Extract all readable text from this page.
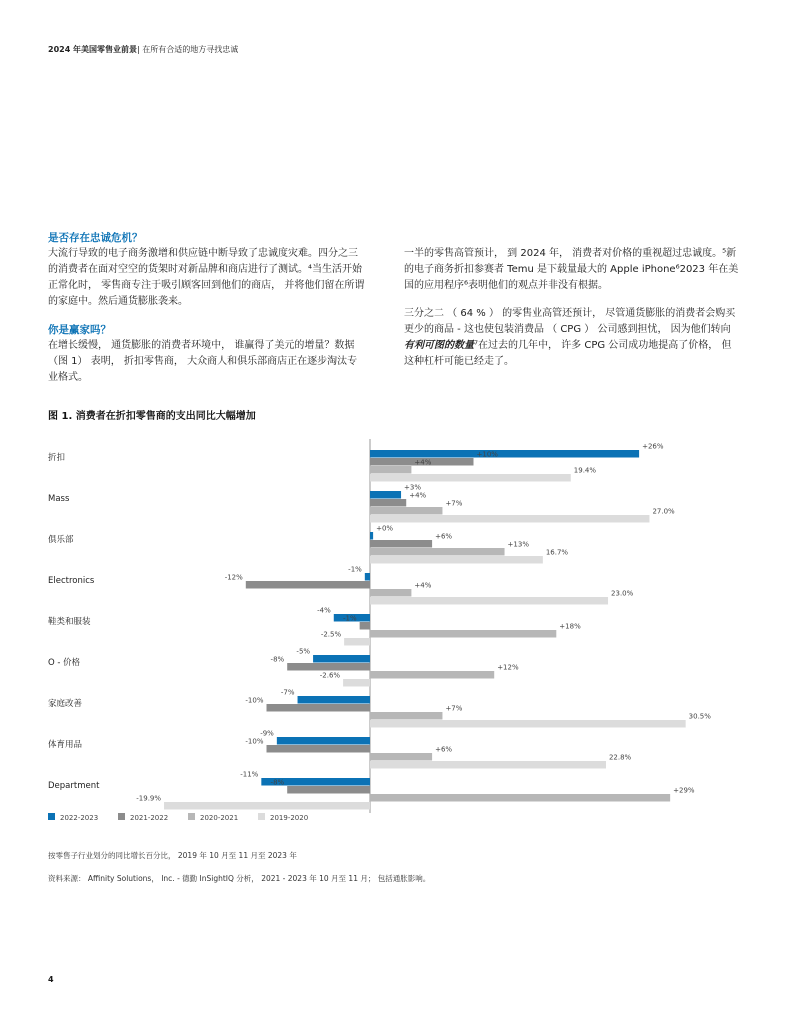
2024 年美国零售业前景| 在所有合适的地方寻找忠诚

是否存在忠诚危机？

大流行导致的电子商务激增和供应链中断导致了忠诚度灾难。四分之三的消费者在面对空空的货架时对新品牌和商店进行了测试。⁴当生活开始正常化时， 零售商专注于吸引顾客回到他们的商店， 并将他们留在所谓的家庭中。然后通货膨胀袭来。

你是赢家吗？

在增长缓慢， 通货膨胀的消费者环境中， 谁赢得了美元的增量？数据 （图 1） 表明， 折扣零售商， 大众商人和俱乐部商店正在逐步淘汰专业格式。

一半的零售高管预计， 到 2024 年， 消费者对价格的重视超过忠诚度。⁵新的电子商务折扣参赛者 Temu 是下载量最大的 Apple iPhone⁶2023 年在美国的应用程序⁶表明他们的观点并非没有根据。

三分之二 （ 64 % ） 的零售业高管还预计， 尽管通货膨胀的消费者会购买更少的商品 - 这也使包装消费品 （ CPG ） 公司感到担忧， 因为他们转向有利可图的数量⁷在过去的几年中， 许多 CPG 公司成功地提高了价格， 但这种杠杆可能已经走了。

图 1. 消费者在折扣零售商的支出同比大幅增加
折扣
+26%
+10%
+4%
19.4%
Mass
+3%
+4%
+7%
27.0%
俱乐部
+0%
+6%
+13%
16.7%
Electronics
-1%
-12%
+4%
23.0%
鞋类和服装
-4%
-1%
+18%
-2.5%
O - 价格
-5%
-8%
+12%
-2.6%
家庭改善
-7%
-10%
+7%
30.5%
体育用品
-9%
-10%
+6%
22.8%
Department
-11%
-8%
+29%
-19.9%
2022-2023	2021-2022	2020-2021	2019-2020
按零售子行业划分的同比增长百分比， 2019 年 10 月至 11 月至 2023 年
资料来源： Affinity Solutions， Inc. - 德勤 InSightIQ 分析， 2021 - 2023 年 10 月至 11 月； 包括通胀影响。
4
